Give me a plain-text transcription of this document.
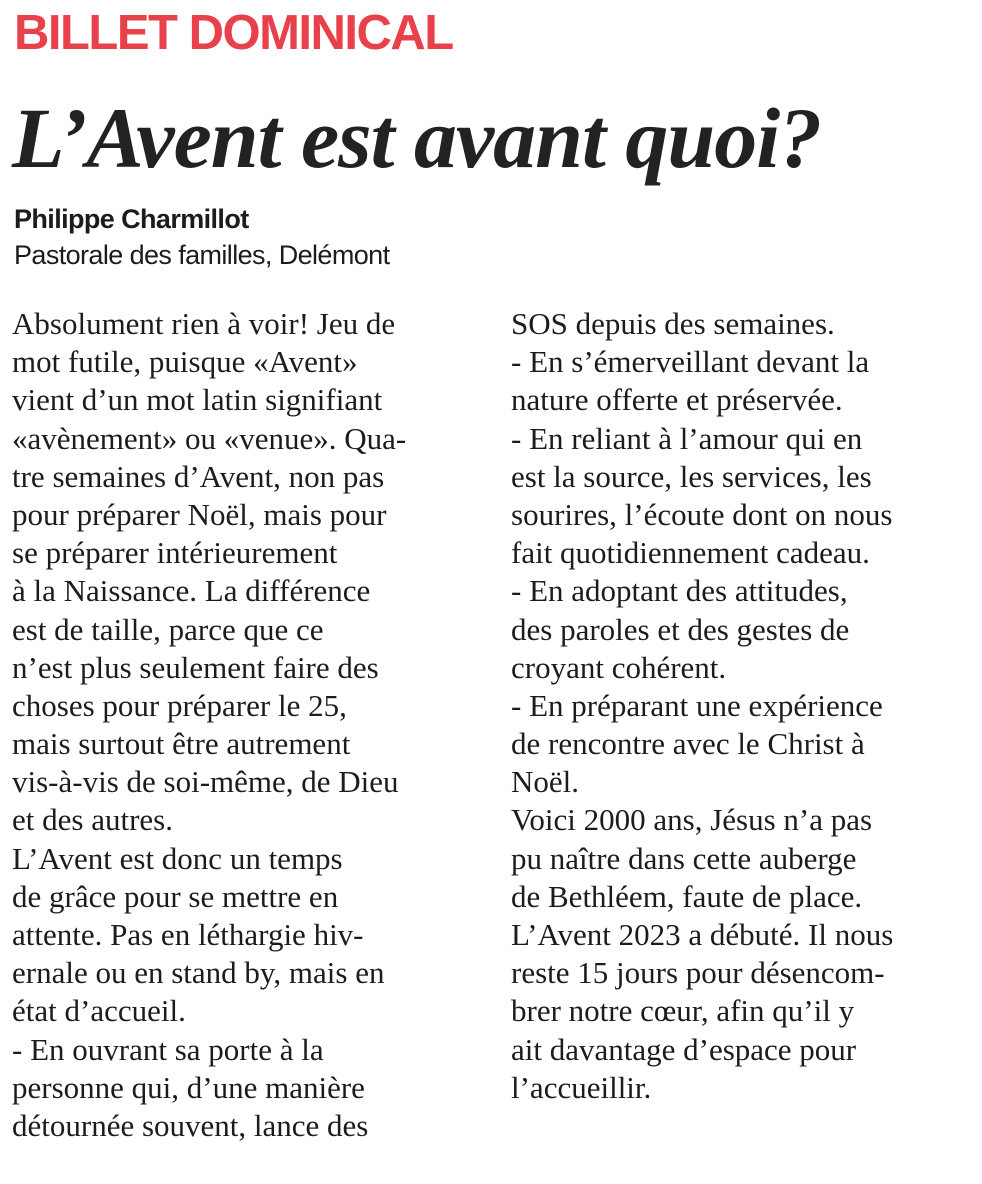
BILLET DOMINICAL
L’Avent est avant quoi?
Philippe Charmillot
Pastorale des familles, Delémont
Absolument rien à voir! Jeu de
mot futile, puisque «Avent»
vient d’un mot latin signifiant
«avènement» ou «venue». Qua-
tre semaines d’Avent, non pas
pour préparer Noël, mais pour
se préparer intérieurement
à la Naissance. La différence
est de taille, parce que ce
n’est plus seulement faire des
choses pour préparer le 25,
mais surtout être autrement
vis-à-vis de soi-même, de Dieu
et des autres.
L’Avent est donc un temps
de grâce pour se mettre en
attente. Pas en léthargie hiv-
ernale ou en stand by, mais en
état d’accueil.
- En ouvrant sa porte à la
personne qui, d’une manière
détournée souvent, lance des
SOS depuis des semaines.
- En s’émerveillant devant la
nature offerte et préservée.
- En reliant à l’amour qui en
est la source, les services, les
sourires, l’écoute dont on nous
fait quotidiennement cadeau.
- En adoptant des attitudes,
des paroles et des gestes de
croyant cohérent.
- En préparant une expérience
de rencontre avec le Christ à
Noël.
Voici 2000 ans, Jésus n’a pas
pu naître dans cette auberge
de Bethléem, faute de place.
L’Avent 2023 a débuté. Il nous
reste 15 jours pour désencom-
brer notre cœur, afin qu’il y
ait davantage d’espace pour
l’accueillir.
